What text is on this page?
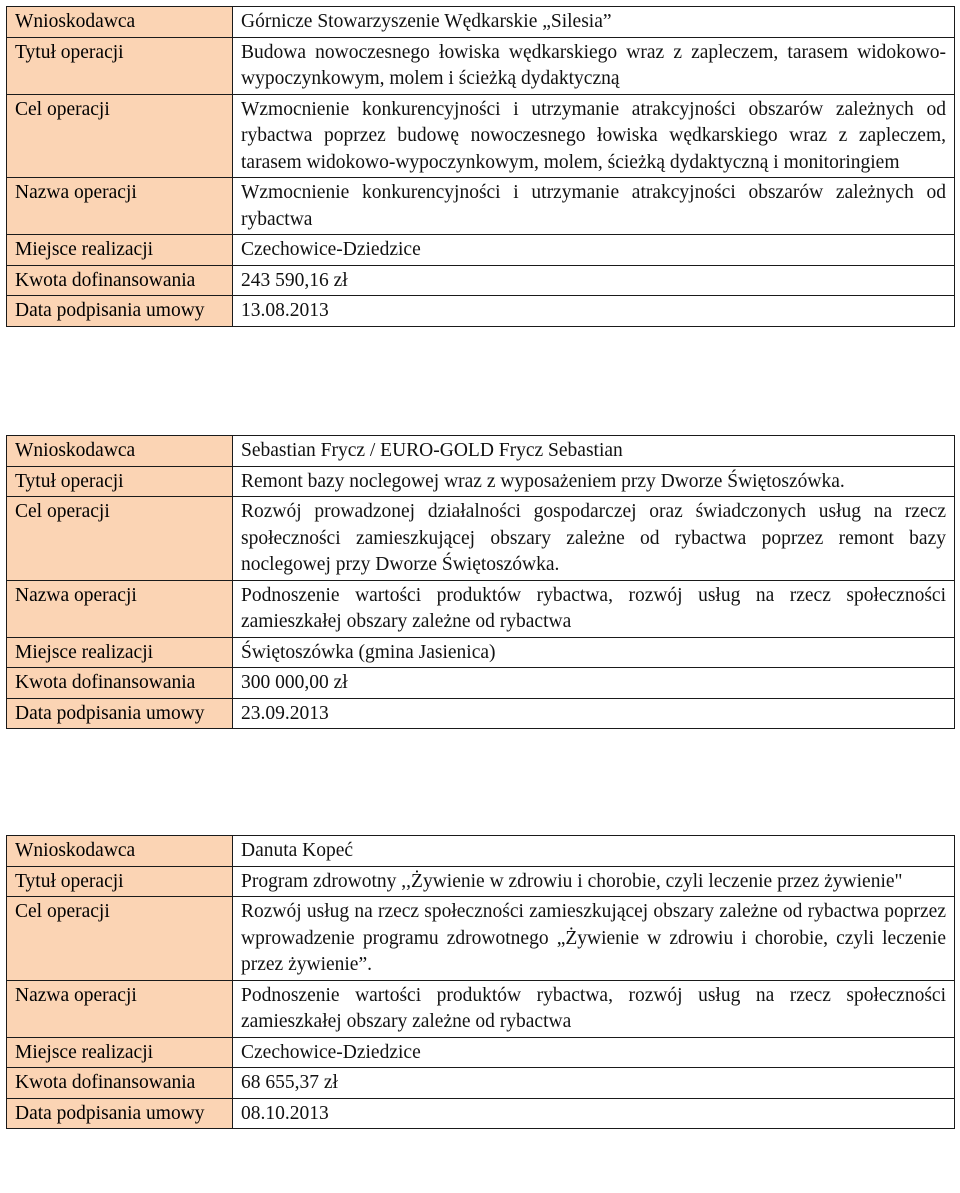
Wnioskodawca	Górnicze Stowarzyszenie Wędkarskie „Silesia”
Tytuł operacji	Budowa nowoczesnego łowiska wędkarskiego wraz z zapleczem, tarasem widokowo-wypoczynkowym, molem i ścieżką dydaktyczną
Cel operacji	Wzmocnienie konkurencyjności i utrzymanie atrakcyjności obszarów zależnych od rybactwa poprzez budowę nowoczesnego łowiska wędkarskiego wraz z zapleczem, tarasem widokowo-wypoczynkowym, molem, ścieżką dydaktyczną i monitoringiem
Nazwa operacji	Wzmocnienie konkurencyjności i utrzymanie atrakcyjności obszarów zależnych od rybactwa
Miejsce realizacji	Czechowice-Dziedzice
Kwota dofinansowania	243 590,16 zł
Data podpisania umowy	13.08.2013
Wnioskodawca	Sebastian Frycz / EURO-GOLD Frycz Sebastian
Tytuł operacji	Remont bazy noclegowej wraz z wyposażeniem przy Dworze Świętoszówka.
Cel operacji	Rozwój prowadzonej działalności gospodarczej oraz świadczonych usług na rzecz społeczności zamieszkującej obszary zależne od rybactwa poprzez remont bazy noclegowej przy Dworze Świętoszówka.
Nazwa operacji	Podnoszenie wartości produktów rybactwa, rozwój usług na rzecz społeczności zamieszkałej obszary zależne od rybactwa
Miejsce realizacji	Świętoszówka (gmina Jasienica)
Kwota dofinansowania	300 000,00 zł
Data podpisania umowy	23.09.2013
Wnioskodawca	Danuta Kopeć
Tytuł operacji	Program zdrowotny ,,Żywienie w zdrowiu i chorobie, czyli leczenie przez żywienie"
Cel operacji	Rozwój usług na rzecz społeczności zamieszkującej obszary zależne od rybactwa poprzez wprowadzenie programu zdrowotnego „Żywienie w zdrowiu i chorobie, czyli leczenie przez żywienie”.
Nazwa operacji	Podnoszenie wartości produktów rybactwa, rozwój usług na rzecz społeczności zamieszkałej obszary zależne od rybactwa
Miejsce realizacji	Czechowice-Dziedzice
Kwota dofinansowania	68 655,37 zł
Data podpisania umowy	08.10.2013
